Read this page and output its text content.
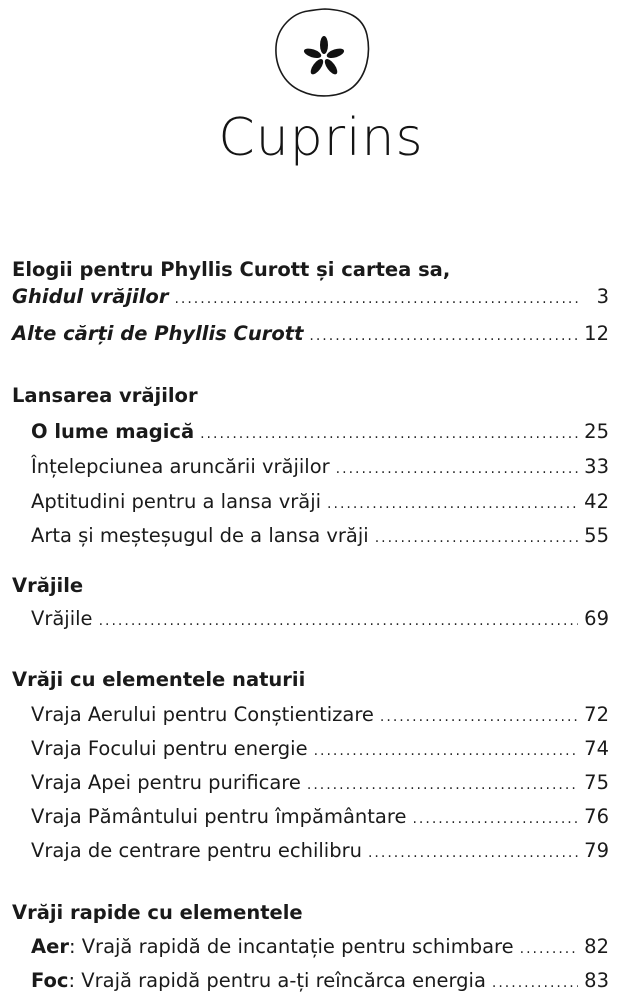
Cuprins
Elogii pentru Phyllis Curott și cartea sa,
Ghidul vrăjilor .....	3
Alte cărți de Phyllis Curott .....	12
Lansarea vrăjilor
O lume magică .....	25
Înțelepciunea aruncării vrăjilor .....	33
Aptitudini pentru a lansa vrăji .....	42
Arta și meșteșugul de a lansa vrăji .....	55
Vrăjile
Vrăjile .....	69
Vrăji cu elementele naturii
Vraja Aerului pentru Conștientizare .....	72
Vraja Focului pentru energie .....	74
Vraja Apei pentru purificare .....	75
Vraja Pământului pentru împământare .....	76
Vraja de centrare pentru echilibru .....	79
Vrăji rapide cu elementele
Aer: Vrajă rapidă de incantație pentru schimbare .....	82
Foc: Vrajă rapidă pentru a-ți reîncărca energia .....	83
